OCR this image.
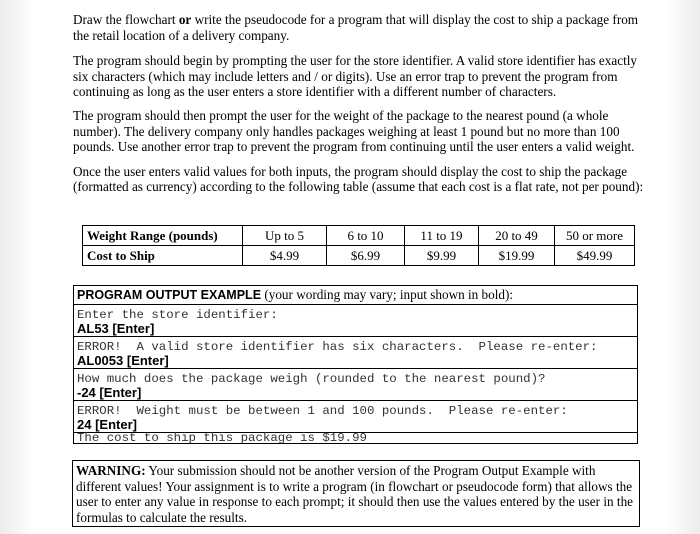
Draw the flowchart or write the pseudocode for a program that will display the cost to ship a package from the retail location of a delivery company.

The program should begin by prompting the user for the store identifier. A valid store identifier has exactly six characters (which may include letters and / or digits). Use an error trap to prevent the program from continuing as long as the user enters a store identifier with a different number of characters.

The program should then prompt the user for the weight of the package to the nearest pound (a whole number). The delivery company only handles packages weighing at least 1 pound but no more than 100 pounds. Use another error trap to prevent the program from continuing until the user enters a valid weight.

Once the user enters valid values for both inputs, the program should display the cost to ship the package (formatted as currency) according to the following table (assume that each cost is a flat rate, not per pound):

Weight Range (pounds)	Up to 5	6 to 10	11 to 19	20 to 49	50 or more
Cost to Ship	$4.99	$6.99	$9.99	$19.99	$49.99
PROGRAM OUTPUT EXAMPLE (your wording may vary; input shown in bold):
Enter the store identifier:
AL53 [Enter]
ERROR!  A valid store identifier has six characters.  Please re-enter:
AL0053 [Enter]
How much does the package weigh (rounded to the nearest pound)?
-24 [Enter]
ERROR!  Weight must be between 1 and 100 pounds.  Please re-enter:
24 [Enter]
The cost to ship this package is $19.99
WARNING: Your submission should not be another version of the Program Output Example with different values! Your assignment is to write a program (in flowchart or pseudocode form) that allows the user to enter any value in response to each prompt; it should then use the values entered by the user in the formulas to calculate the results.
